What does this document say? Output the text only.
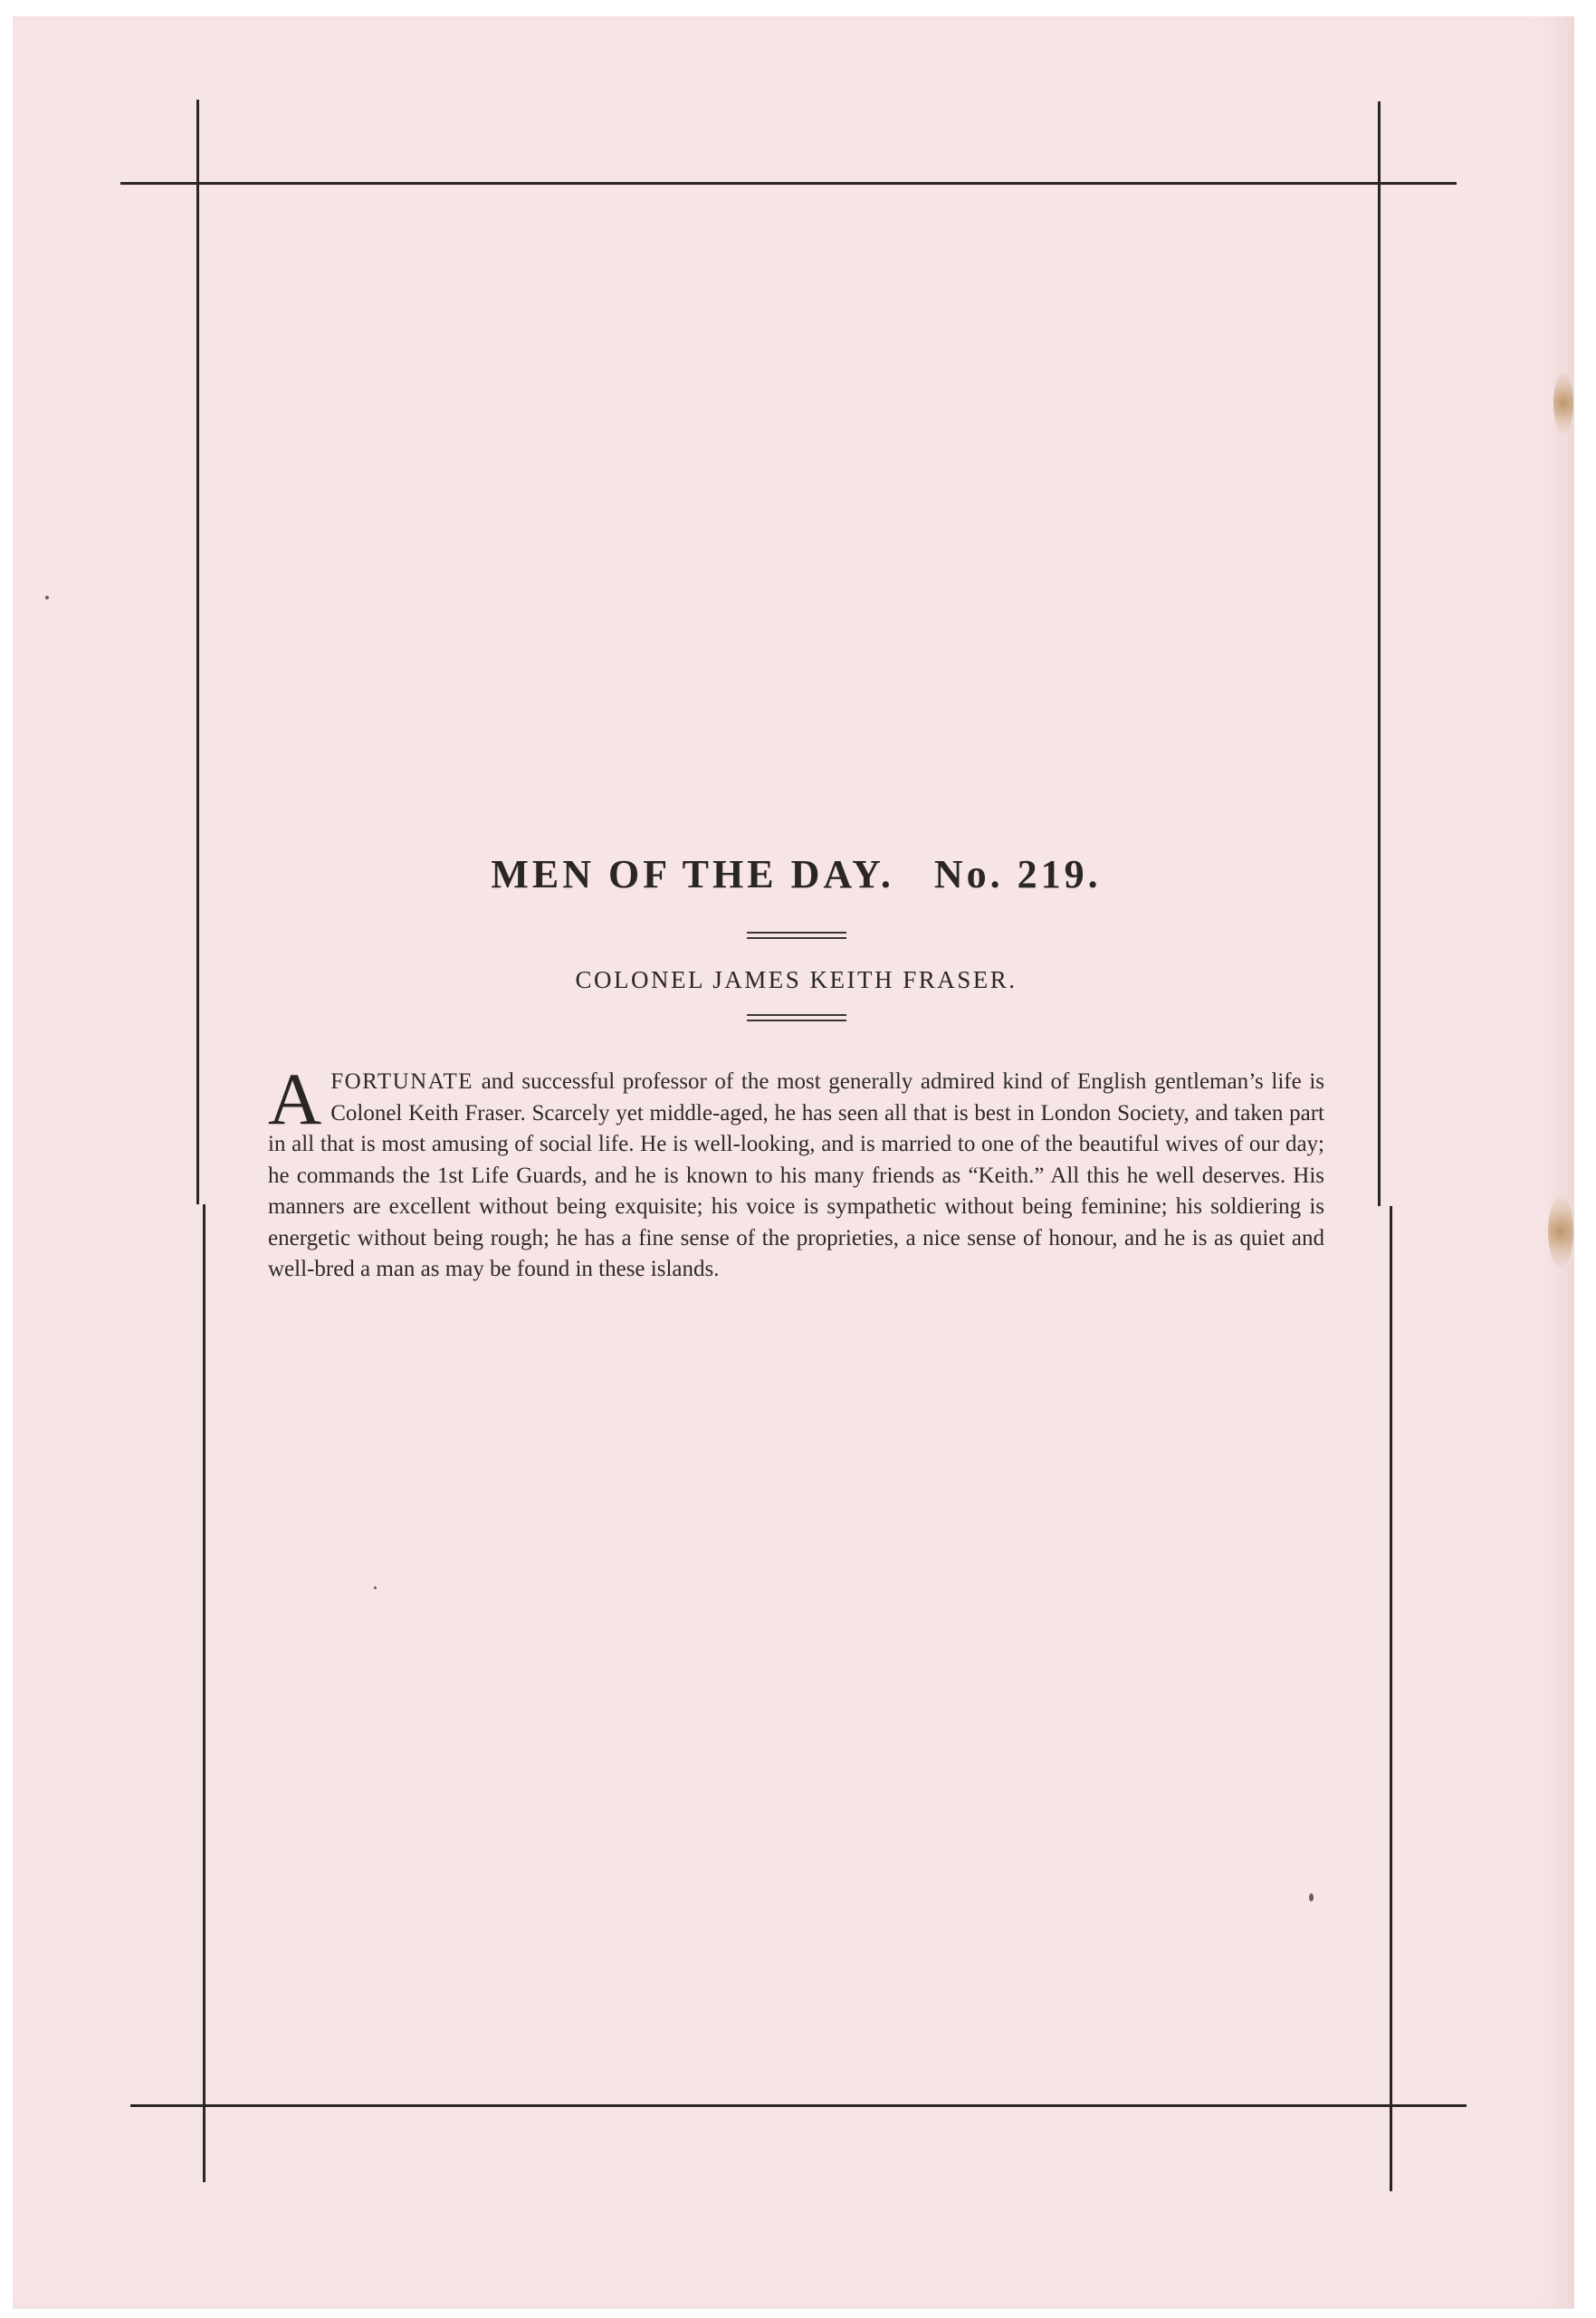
MEN OF THE DAY. No. 219.
COLONEL JAMES KEITH FRASER.

AFORTUNATE and successful professor of the most generally admired kind of English gentleman’s life is Colonel Keith Fraser. Scarcely yet middle-aged, he has seen all that is best in London Society, and taken part in all that is most amusing of social life. He is well-looking, and is married to one of the beautiful wives of our day; he commands the 1st Life Guards, and he is known to his many friends as “Keith.” All this he well deserves. His manners are excellent without being exquisite; his voice is sympathetic without being feminine; his soldiering is energetic without being rough; he has a fine sense of the proprieties, a nice sense of honour, and he is as quiet and well-bred a man as may be found in these islands.
